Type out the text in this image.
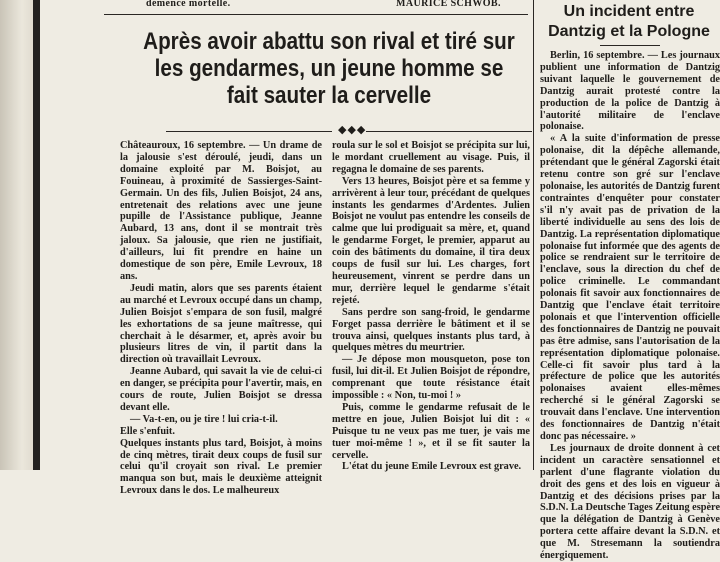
démence mortelle.	MAURICE SCHWOB.
Après avoir abattu son rival et tiré sur les gendarmes, un jeune homme se fait sauter la cervelle
◆◆◆

Châteauroux, 16 septembre. — Un drame de la jalousie s'est déroulé, jeudi, dans un domaine exploité par M. Boisjot, au Fouineau, à proximité de Sassierges-Saint-Germain. Un des fils, Julien Boisjot, 24 ans, entretenait des relations avec une jeune pupille de l'Assistance publique, Jeanne Aubard, 13 ans, dont il se montrait très jaloux. Sa jalousie, que rien ne justifiait, d'ailleurs, lui fit prendre en haine un domestique de son père, Emile Levroux, 18 ans.

Jeudi matin, alors que ses parents étaient au marché et Levroux occupé dans un champ, Julien Boisjot s'empara de son fusil, malgré les exhortations de sa jeune maîtresse, qui cherchait à le désarmer, et, après avoir bu plusieurs litres de vin, il partit dans la direction où travaillait Levroux.

Jeanne Aubard, qui savait la vie de celui-ci en danger, se précipita pour l'avertir, mais, en cours de route, Julien Boisjot se dressa devant elle.

— Va-t-en, ou je tire ! lui cria-t-il.

Elle s'enfuit.

Quelques instants plus tard, Boisjot, à moins de cinq mètres, tirait deux coups de fusil sur celui qu'il croyait son rival. Le premier manqua son but, mais le deuxième atteignit Levroux dans le dos. Le malheureux

roula sur le sol et Boisjot se précipita sur lui, le mordant cruellement au visage. Puis, il regagna le domaine de ses parents.

Vers 13 heures, Boisjot père et sa femme y arrivèrent à leur tour, précédant de quelques instants les gendarmes d'Ardentes. Julien Boisjot ne voulut pas entendre les conseils de calme que lui prodiguait sa mère, et, quand le gendarme Forget, le premier, apparut au coin des bâtiments du domaine, il tira deux coups de fusil sur lui. Les charges, fort heureusement, vinrent se perdre dans un mur, derrière lequel le gendarme s'était rejeté.

Sans perdre son sang-froid, le gendarme Forget passa derrière le bâtiment et il se trouva ainsi, quelques instants plus tard, à quelques mètres du meurtrier.

— Je dépose mon mousqueton, pose ton fusil, lui dit-il. Et Julien Boisjot de répondre, comprenant que toute résistance était impossible : « Non, tu-moi ! »

Puis, comme le gendarme refusait de le mettre en joue, Julien Boisjot lui dit : « Puisque tu ne veux pas me tuer, je vais me tuer moi-même ! », et il se fit sauter la cervelle.

L'état du jeune Emile Levroux est grave.

Un incident entre Dantzig et la Pologne

Berlin, 16 septembre. — Les journaux publient une information de Dantzig suivant laquelle le gouvernement de Dantzig aurait protesté contre la production de la police de Dantzig à l'autorité militaire de l'enclave polonaise.

« A la suite d'information de presse polonaise, dit la dépêche allemande, prétendant que le général Zagorski était retenu contre son gré sur l'enclave polonaise, les autorités de Dantzig furent contraintes d'enquêter pour constater s'il n'y avait pas de privation de la liberté individuelle au sens des lois de Dantzig. La représentation diplomatique polonaise fut informée que des agents de police se rendraient sur le territoire de l'enclave, sous la direction du chef de police criminelle. Le commandant polonais fit savoir aux fonctionnaires de Dantzig que l'enclave était territoire polonais et que l'intervention officielle des fonctionnaires de Dantzig ne pouvait pas être admise, sans l'autorisation de la représentation diplomatique polonaise. Celle-ci fit savoir plus tard à la préfecture de police que les autorités polonaises avaient elles-mêmes recherché si le général Zagorski se trouvait dans l'enclave. Une intervention des fonctionnaires de Dantzig n'était donc pas nécessaire. »

Les journaux de droite donnent à cet incident un caractère sensationnel et parlent d'une flagrante violation du droit des gens et des lois en vigueur à Dantzig et des décisions prises par la S.D.N. La Deutsche Tages Zeitung espère que la délégation de Dantzig à Genève portera cette affaire devant la S.D.N. et que M. Stresemann la soutiendra énergiquement.
